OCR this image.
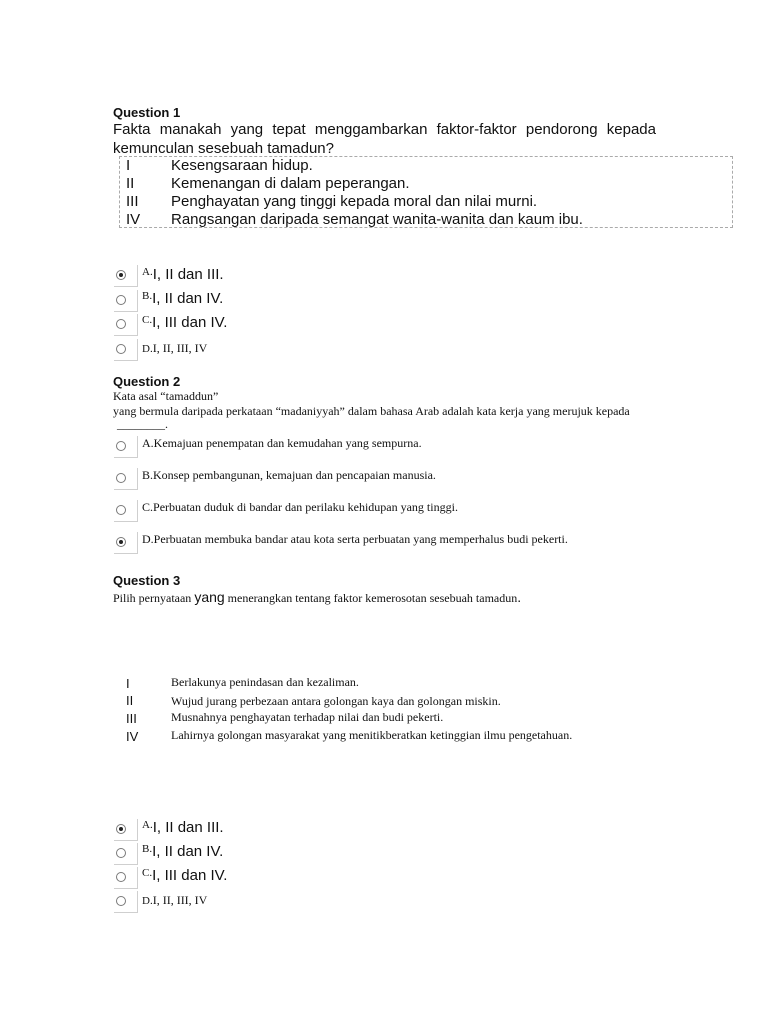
Question 1
Fakta manakah yang tepat menggambarkan faktor-faktor pendorong kepada kemunculan sesebuah tamadun?
I	Kesengsaraan hidup.
II Kemenangan di dalam peperangan.
III Penghayatan yang tinggi kepada moral dan nilai murni.
IV Rangsangan daripada semangat wanita-wanita dan kaum ibu.
$^{A.}$I, II dan III.
$^{B.}$I, II dan IV.
$^{C.}$I, III dan IV.
D.I, II, III, IV
Question 2
Kata asal “tamaddun”
yang bermula daripada perkataan “madaniyyah” dalam bahasa Arab adalah kata kerja yang merujuk kepada
________.
A.Kemajuan penempatan dan kemudahan yang sempurna.
B.Konsep pembangunan, kemajuan dan pencapaian manusia.
C.Perbuatan duduk di bandar dan perilaku kehidupan yang tinggi.
D.Perbuatan membuka bandar atau kota serta perbuatan yang memperhalus budi pekerti.
Question 3
Pilih pernyataan yang menerangkan tentang faktor kemerosotan sesebuah tamadun.
I	Berlakunya penindasan dan kezaliman.
II	Wujud jurang perbezaan antara golongan kaya dan golongan miskin.
III	Musnahnya penghayatan terhadap nilai dan budi pekerti.
IV	Lahirnya golongan masyarakat yang menitikberatkan ketinggian ilmu pengetahuan.
$^{A.}$I, II dan III.
$^{B.}$I, II dan IV.
$^{C.}$I, III dan IV.
D.I, II, III, IV
